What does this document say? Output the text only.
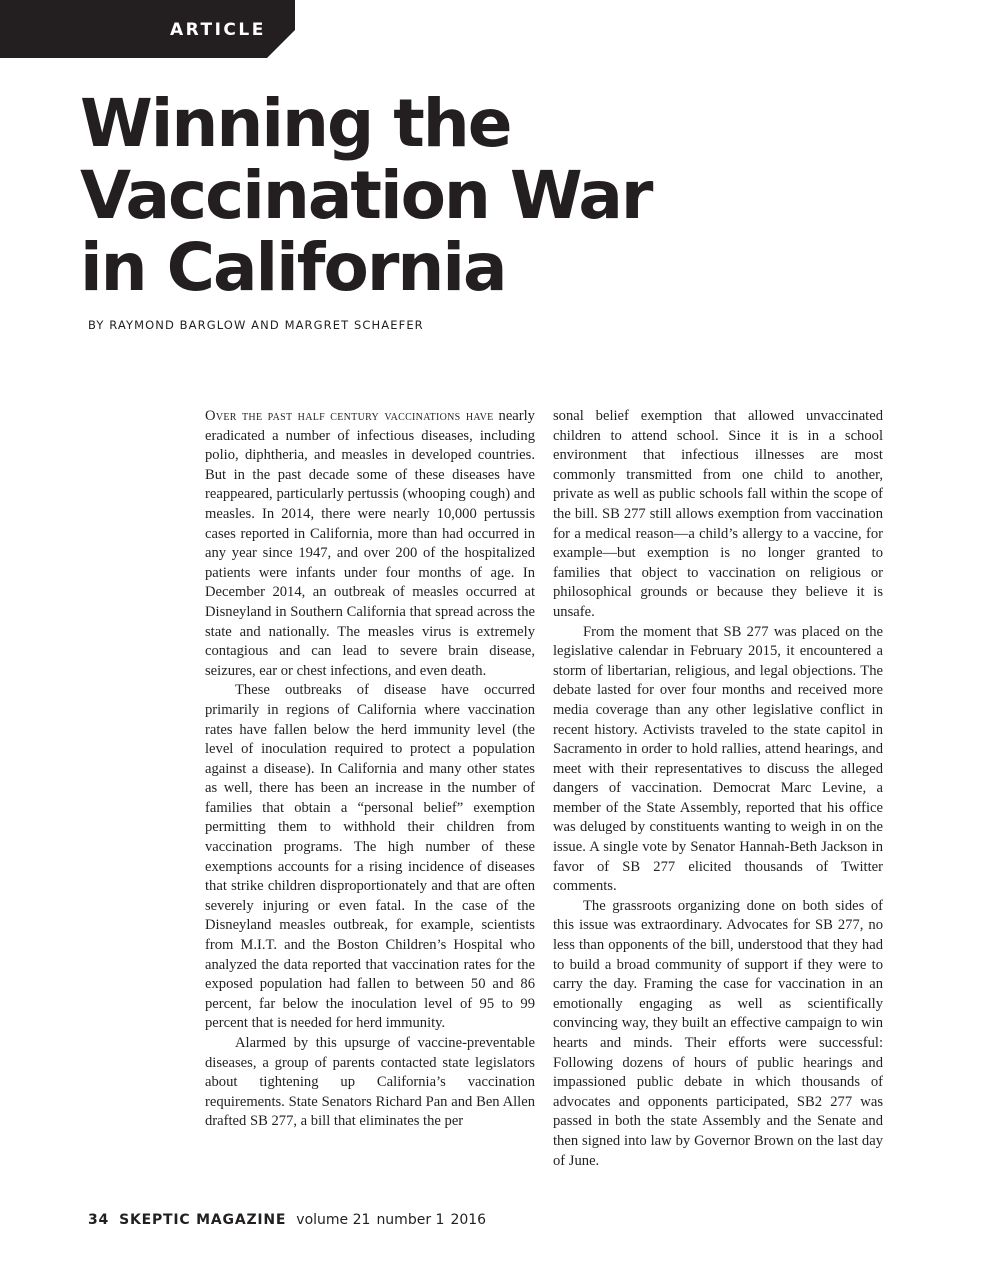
ARTICLE
Winning the
Vaccination War
in California
BY RAYMOND BARGLOW AND MARGRET SCHAEFER

Over the past half century vaccinations have nearly eradicated a number of infectious diseases, including polio, diphtheria, and measles in developed countries. But in the past decade some of these diseases have reappeared, particularly pertussis (whooping cough) and measles. In 2014, there were nearly 10,000 pertussis cases reported in California, more than had occurred in any year since 1947, and over 200 of the hospitalized patients were infants under four months of age. In December 2014, an outbreak of measles occurred at Disneyland in Southern California that spread across the state and nationally. The measles virus is extremely contagious and can lead to severe brain disease, seizures, ear or chest infections, and even death.

These outbreaks of disease have occurred primarily in regions of California where vaccination rates have fallen below the herd immunity level (the level of inoculation required to protect a population against a disease). In California and many other states as well, there has been an increase in the number of families that obtain a “personal belief” exemption permitting them to withhold their children from vaccination programs. The high number of these exemptions accounts for a rising incidence of diseases that strike children disproportionately and that are often severely injuring or even fatal. In the case of the Disneyland measles outbreak, for example, scientists from M.I.T. and the Boston Children’s Hospital who analyzed the data reported that vaccination rates for the exposed population had fallen to between 50 and 86 percent, far below the inoculation level of 95 to 99 percent that is needed for herd immunity.

Alarmed by this upsurge of vaccine-preventable diseases, a group of parents contacted state legislators about tightening up California’s vaccination requirements. State Senators Richard Pan and Ben Allen drafted SB 277, a bill that eliminates the per

sonal belief exemption that allowed unvaccinated children to attend school. Since it is in a school environment that infectious illnesses are most commonly transmitted from one child to another, private as well as public schools fall within the scope of the bill. SB 277 still allows exemption from vaccination for a medical reason—a child’s allergy to a vaccine, for example—but exemption is no longer granted to families that object to vaccination on religious or philosophical grounds or because they believe it is unsafe.

From the moment that SB 277 was placed on the legislative calendar in February 2015, it encountered a storm of libertarian, religious, and legal objections. The debate lasted for over four months and received more media coverage than any other legislative conflict in recent history. Activists traveled to the state capitol in Sacramento in order to hold rallies, attend hearings, and meet with their representatives to discuss the alleged dangers of vaccination. Democrat Marc Levine, a member of the State Assembly, reported that his office was deluged by constituents wanting to weigh in on the issue. A single vote by Senator Hannah-Beth Jackson in favor of SB 277 elicited thousands of Twitter comments.

The grassroots organizing done on both sides of this issue was extraordinary. Advocates for SB 277, no less than opponents of the bill, understood that they had to build a broad community of support if they were to carry the day. Framing the case for vaccination in an emotionally engaging as well as scientifically convincing way, they built an effective campaign to win hearts and minds. Their efforts were successful: Following dozens of hours of public hearings and impassioned public debate in which thousands of advocates and opponents participated, SB2 277 was passed in both the state Assembly and the Senate and then signed into law by Governor Brown on the last day of June.

34 SKEPTIC MAGAZINE volume 21 number 1 2016
